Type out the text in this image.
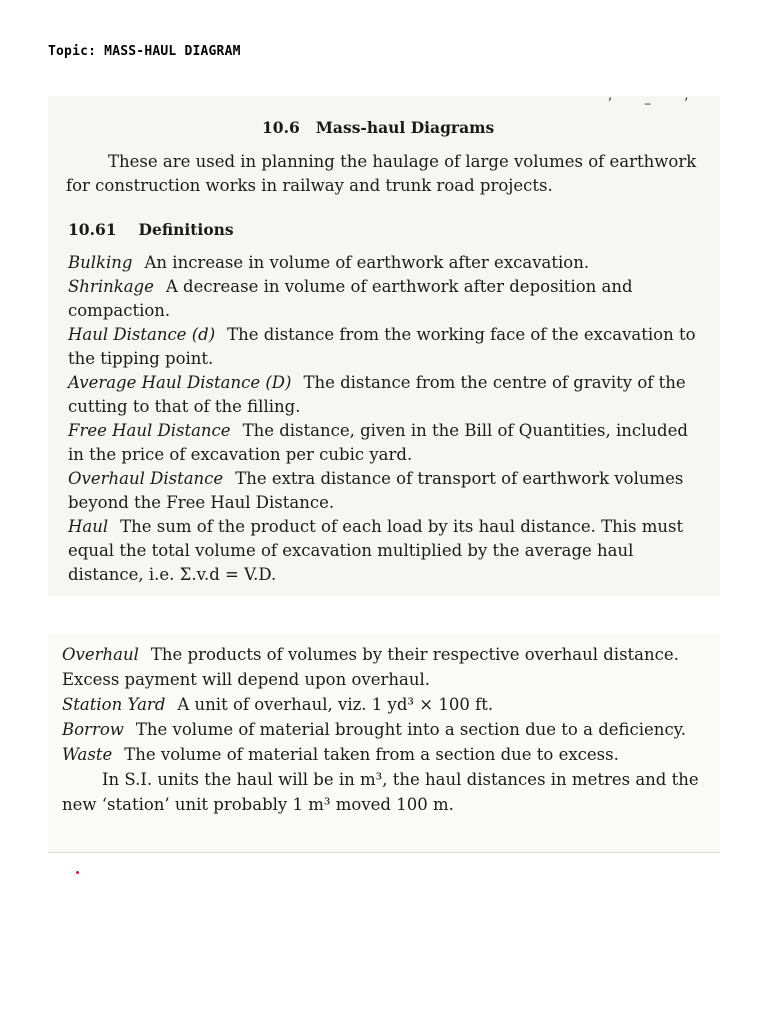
Topic: MASS-HAUL DIAGRAM
ʼ – ʼ
10.6 Mass-haul Diagrams
These are used in planning the haulage of large volumes of earthwork for construction works in railway and trunk road projects.
10.61 Definitions
Bulking An increase in volume of earthwork after excavation.
Shrinkage A decrease in volume of earthwork after deposition and compaction.
Haul Distance (d) The distance from the working face of the excavation to the tipping point.
Average Haul Distance (D) The distance from the centre of gravity of the cutting to that of the filling.
Free Haul Distance The distance, given in the Bill of Quantities, included in the price of excavation per cubic yard.
Overhaul Distance The extra distance of transport of earthwork volumes beyond the Free Haul Distance.
Haul The sum of the product of each load by its haul distance. This must equal the total volume of excavation multiplied by the average haul distance, i.e. Σ.v.d = V.D.
Overhaul The products of volumes by their respective overhaul distance. Excess payment will depend upon overhaul.
Station Yard A unit of overhaul, viz. 1 yd³ × 100 ft.
Borrow The volume of material brought into a section due to a deficiency.
Waste The volume of material taken from a section due to excess.
In S.I. units the haul will be in m³, the haul distances in metres and the new ‘station’ unit probably 1 m³ moved 100 m.
